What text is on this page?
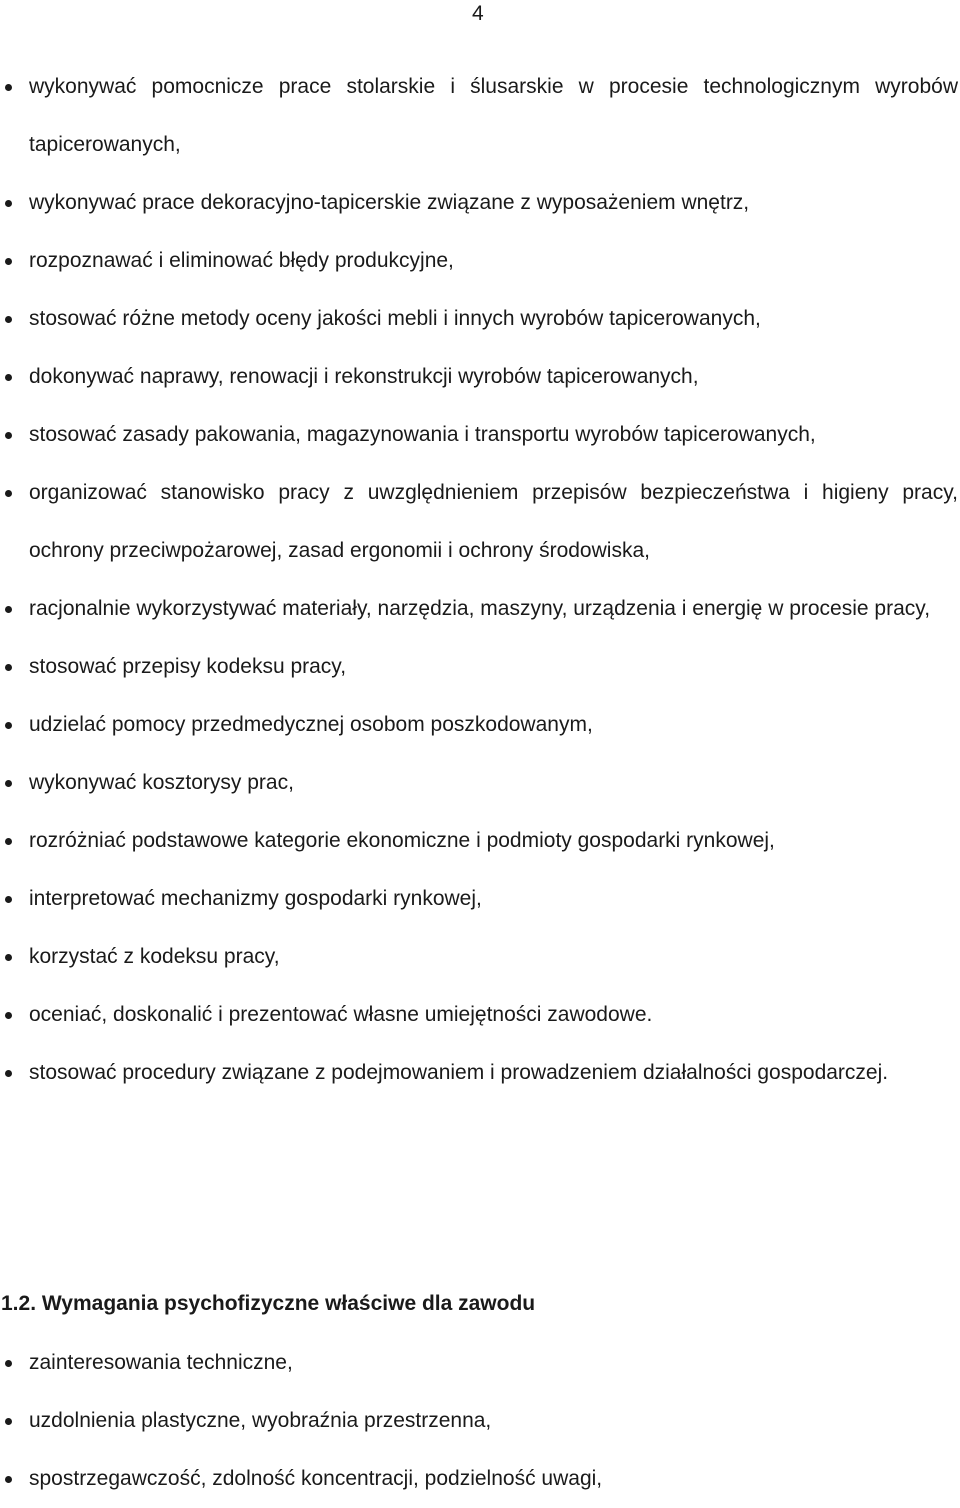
4
wykonywać pomocnicze prace stolarskie i ślusarskie w procesie technologicznym wyrobów tapicerowanych,
wykonywać prace dekoracyjno-tapicerskie związane z wyposażeniem wnętrz,
rozpoznawać i eliminować błędy produkcyjne,
stosować różne metody oceny jakości mebli i innych wyrobów tapicerowanych,
dokonywać naprawy, renowacji i rekonstrukcji wyrobów tapicerowanych,
stosować zasady pakowania, magazynowania i transportu wyrobów tapicerowanych,
organizować stanowisko pracy z uwzględnieniem przepisów bezpieczeństwa i higieny pracy, ochrony przeciwpożarowej, zasad ergonomii i ochrony środowiska,
racjonalnie wykorzystywać materiały, narzędzia, maszyny, urządzenia i energię w procesie pracy,
stosować przepisy kodeksu pracy,
udzielać pomocy przedmedycznej osobom poszkodowanym,
wykonywać kosztorysy prac,
rozróżniać podstawowe kategorie ekonomiczne i podmioty gospodarki rynkowej,
interpretować mechanizmy gospodarki rynkowej,
korzystać z kodeksu pracy,
oceniać, doskonalić i prezentować własne umiejętności zawodowe.
stosować procedury związane z podejmowaniem i prowadzeniem działalności gospodarczej.
1.2. Wymagania psychofizyczne właściwe dla zawodu
zainteresowania techniczne,
uzdolnienia plastyczne, wyobraźnia przestrzenna,
spostrzegawczość, zdolność koncentracji, podzielność uwagi,
